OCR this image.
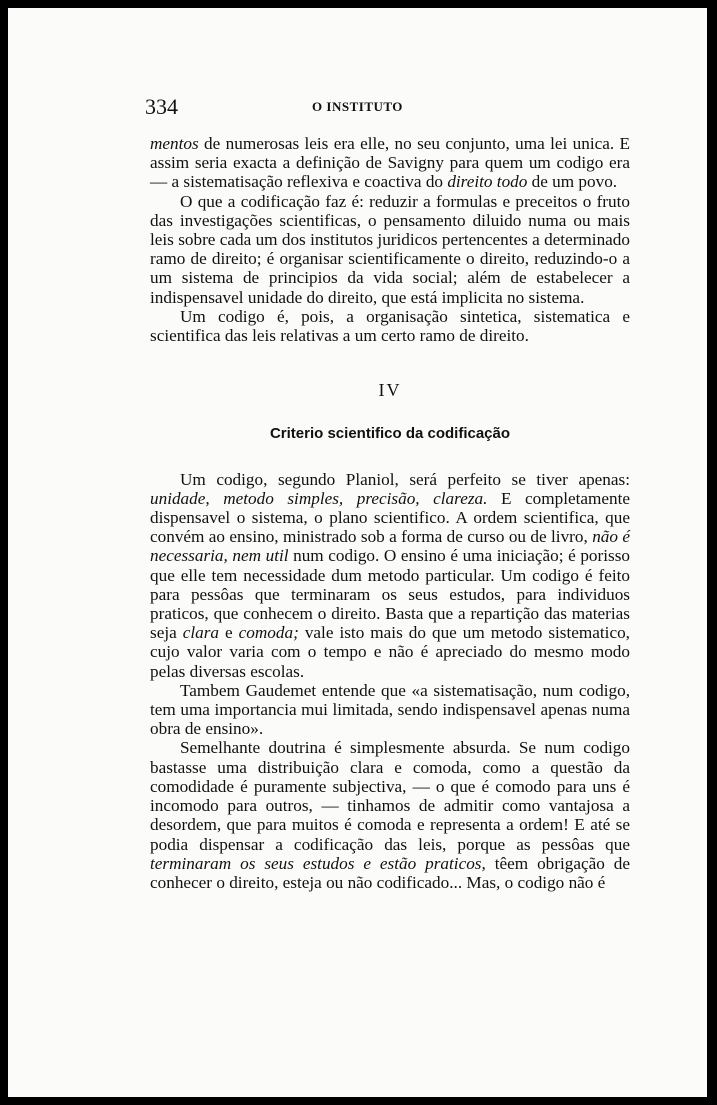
334	O INSTITUTO

mentos de numerosas leis era elle, no seu conjunto, uma lei unica. E assim seria exacta a definição de Savigny para quem um codigo era — a sistematisação reflexiva e coactiva do direito todo de um povo.

O que a codificação faz é: reduzir a formulas e preceitos o fruto das investigações scientificas, o pensamento diluido numa ou mais leis sobre cada um dos institutos juridicos pertencentes a determinado ramo de direito; é organisar scientificamente o direito, reduzindo-o a um sistema de principios da vida social; além de estabelecer a indispensavel unidade do direito, que está implicita no sistema.

Um codigo é, pois, a organisação sintetica, sistematica e scientifica das leis relativas a um certo ramo de direito.

IV
Criterio scientifico da codificação

Um codigo, segundo Planiol, será perfeito se tiver apenas: unidade, metodo simples, precisão, clareza. E completamente dispensavel o sistema, o plano scientifico. A ordem scientifica, que convém ao ensino, ministrado sob a forma de curso ou de livro, não é necessaria, nem util num codigo. O ensino é uma iniciação; é porisso que elle tem necessidade dum metodo particular. Um codigo é feito para pessôas que terminaram os seus estudos, para individuos praticos, que conhecem o direito. Basta que a repartição das materias seja clara e comoda; vale isto mais do que um metodo sistematico, cujo valor varia com o tempo e não é apreciado do mesmo modo pelas diversas escolas.

Tambem Gaudemet entende que «a sistematisação, num codigo, tem uma importancia mui limitada, sendo indispensavel apenas numa obra de ensino».

Semelhante doutrina é simplesmente absurda. Se num codigo bastasse uma distribuição clara e comoda, como a questão da comodidade é puramente subjectiva, — o que é comodo para uns é incomodo para outros, — tinhamos de admitir como vantajosa a desordem, que para muitos é comoda e representa a ordem! E até se podia dispensar a codificação das leis, porque as pessôas que terminaram os seus estudos e estão praticos, têem obrigação de conhecer o direito, esteja ou não codificado... Mas, o codigo não é
